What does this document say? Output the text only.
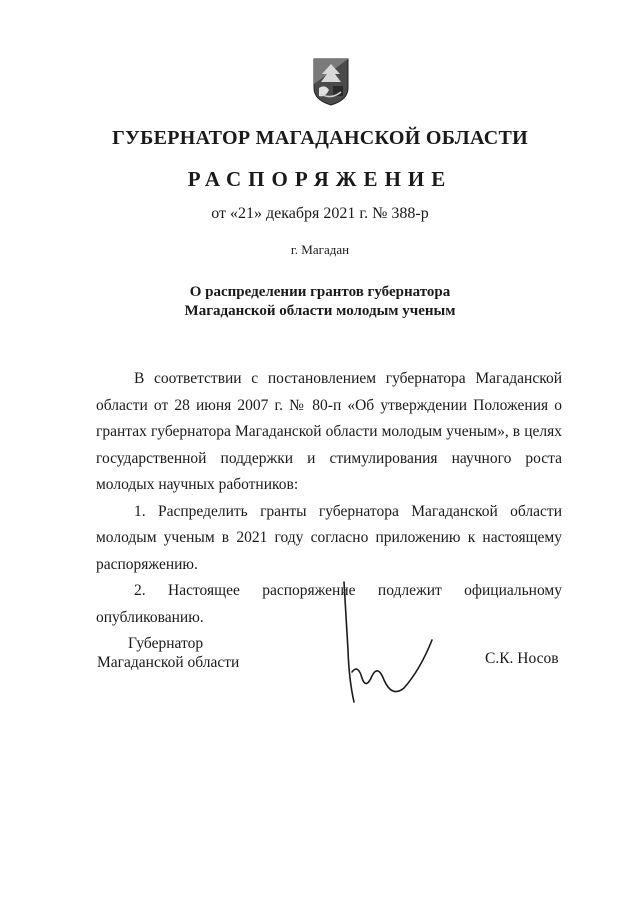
ГУБЕРНАТОР МАГАДАНСКОЙ ОБЛАСТИ
РАСПОРЯЖЕНИЕ
от «21» декабря 2021 г. № 388-р
г. Магадан
О распределении грантов губернатора
Магаданской области молодым ученым

В соответствии с постановлением губернатора Магаданской области от 28 июня 2007 г. № 80-п «Об утверждении Положения о грантах губернатора Магаданской области молодым ученым», в целях государственной поддержки и стимулирования научного роста молодых научных работников:

1. Распределить гранты губернатора Магаданской области молодым ученым в 2021 году согласно приложению к настоящему распоряжению.

2. Настоящее распоряжение подлежит официальному опубликованию.

Губернатор
Магаданской области	С.К. Носов
